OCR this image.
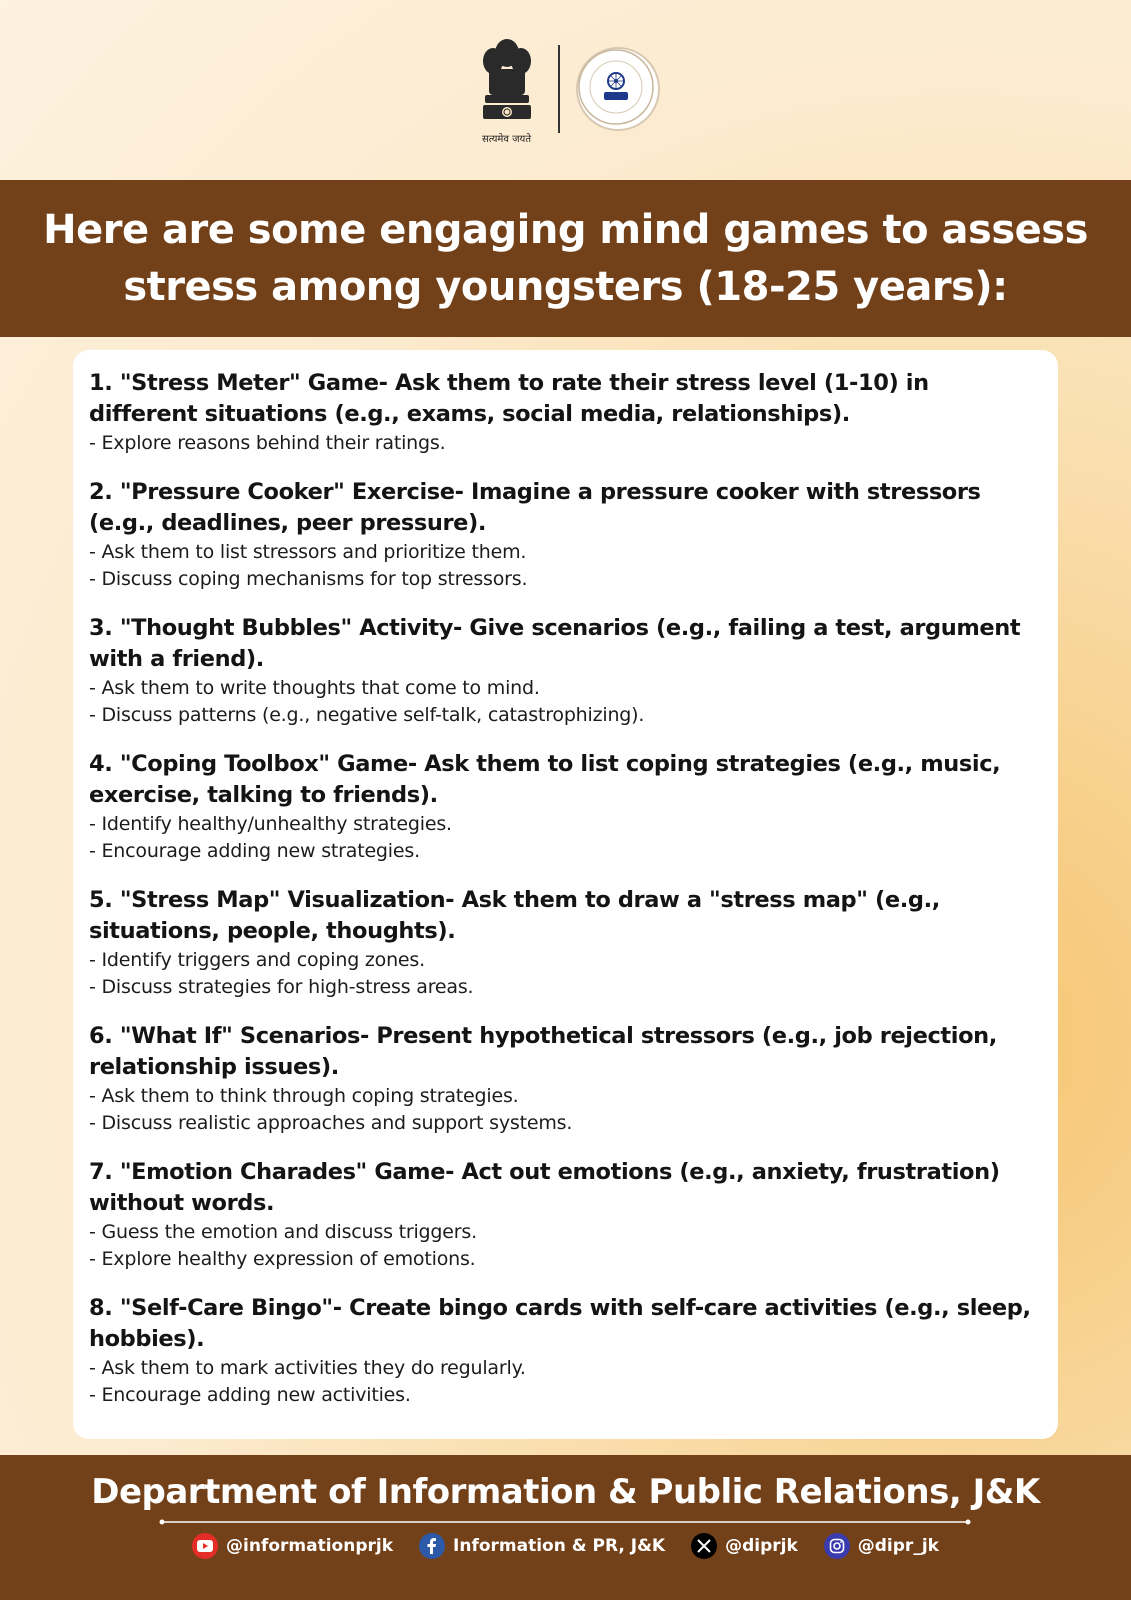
सत्यमेव जयते
Here are some engaging mind games to assess stress among youngsters (18-25 years):

1. "Stress Meter" Game- Ask them to rate their stress level (1-10) in different situations (e.g., exams, social media, relationships).

- Explore reasons behind their ratings.

2. "Pressure Cooker" Exercise- Imagine a pressure cooker with stressors (e.g., deadlines, peer pressure).

- Ask them to list stressors and prioritize them.

- Discuss coping mechanisms for top stressors.

3. "Thought Bubbles" Activity- Give scenarios (e.g., failing a test, argument with a friend).

- Ask them to write thoughts that come to mind.

- Discuss patterns (e.g., negative self-talk, catastrophizing).

4. "Coping Toolbox" Game- Ask them to list coping strategies (e.g., music, exercise, talking to friends).

- Identify healthy/unhealthy strategies.

- Encourage adding new strategies.

5. "Stress Map" Visualization- Ask them to draw a "stress map" (e.g., situations, people, thoughts).

- Identify triggers and coping zones.

- Discuss strategies for high-stress areas.

6. "What If" Scenarios- Present hypothetical stressors (e.g., job rejection, relationship issues).

- Ask them to think through coping strategies.

- Discuss realistic approaches and support systems.

7. "Emotion Charades" Game- Act out emotions (e.g., anxiety, frustration) without words.

- Guess the emotion and discuss triggers.

- Explore healthy expression of emotions.

8. "Self-Care Bingo"- Create bingo cards with self-care activities (e.g., sleep, hobbies).

- Ask them to mark activities they do regularly.

- Encourage adding new activities.

Department of Information & Public Relations, J&K
@informationprjk	Information & PR, J&K	@diprjk	@dipr_jk
